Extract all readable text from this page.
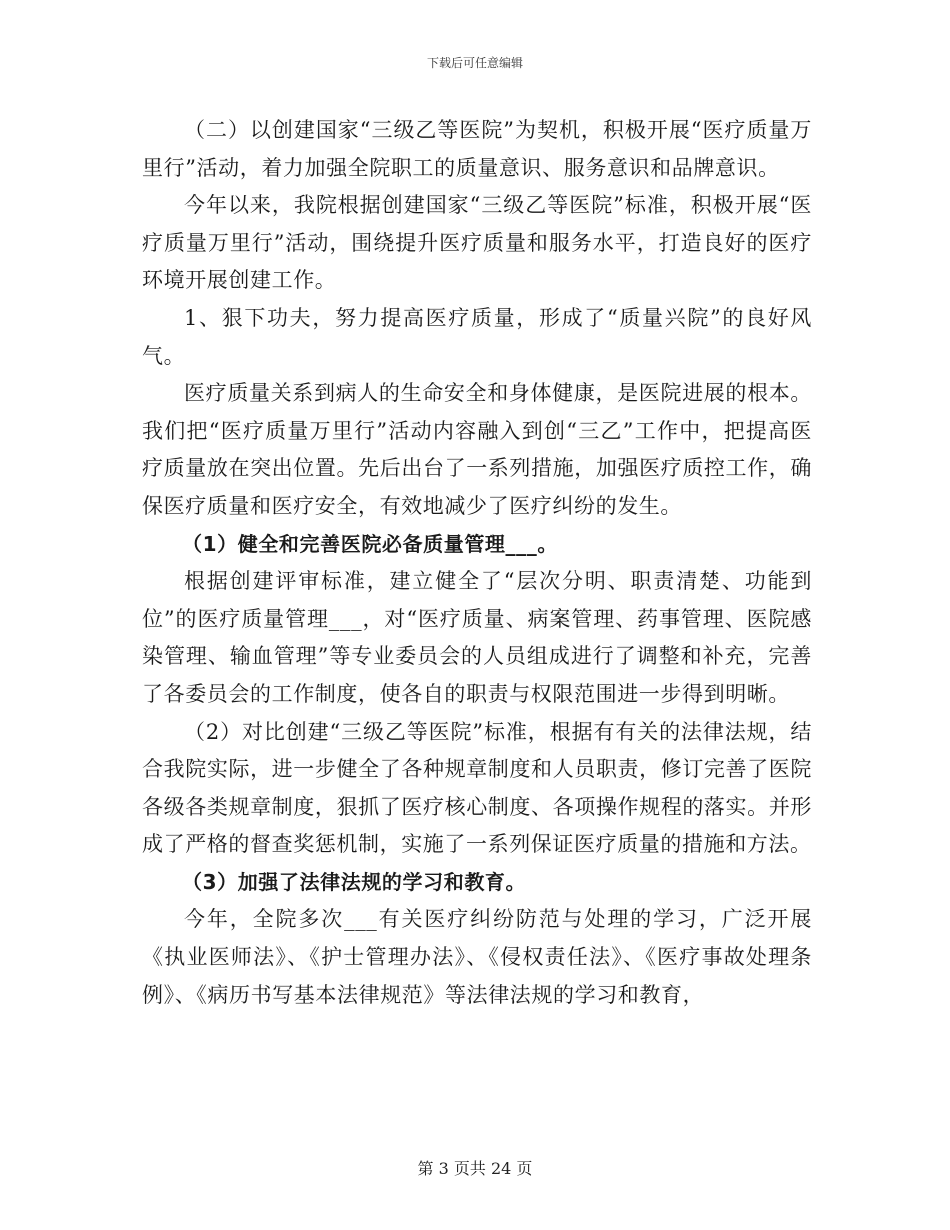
下载后可任意编辑

（二）以创建国家“三级乙等医院”为契机，积极开展“医疗质量万里行”活动，着力加强全院职工的质量意识、服务意识和品牌意识。

今年以来，我院根据创建国家“三级乙等医院”标准，积极开展“医疗质量万里行”活动，围绕提升医疗质量和服务水平，打造良好的医疗环境开展创建工作。

1、狠下功夫，努力提高医疗质量，形成了“质量兴院”的良好风气。

医疗质量关系到病人的生命安全和身体健康，是医院进展的根本。我们把“医疗质量万里行”活动内容融入到创“三乙”工作中，把提高医疗质量放在突出位置。先后出台了一系列措施，加强医疗质控工作，确保医疗质量和医疗安全，有效地减少了医疗纠纷的发生。

（1）健全和完善医院必备质量管理___。

根据创建评审标准，建立健全了“层次分明、职责清楚、功能到位”的医疗质量管理___，对“医疗质量、病案管理、药事管理、医院感染管理、输血管理”等专业委员会的人员组成进行了调整和补充，完善了各委员会的工作制度，使各自的职责与权限范围进一步得到明晰。

（2）对比创建“三级乙等医院”标准，根据有有关的法律法规，结合我院实际，进一步健全了各种规章制度和人员职责，修订完善了医院各级各类规章制度，狠抓了医疗核心制度、各项操作规程的落实。并形成了严格的督查奖惩机制，实施了一系列保证医疗质量的措施和方法。

（3）加强了法律法规的学习和教育。

今年，全院多次___有关医疗纠纷防范与处理的学习，广泛开展《执业医师法》、《护士管理办法》、《侵权责任法》、《医疗事故处理条例》、《病历书写基本法律规范》等法律法规的学习和教育，

第 3 页共 24 页
